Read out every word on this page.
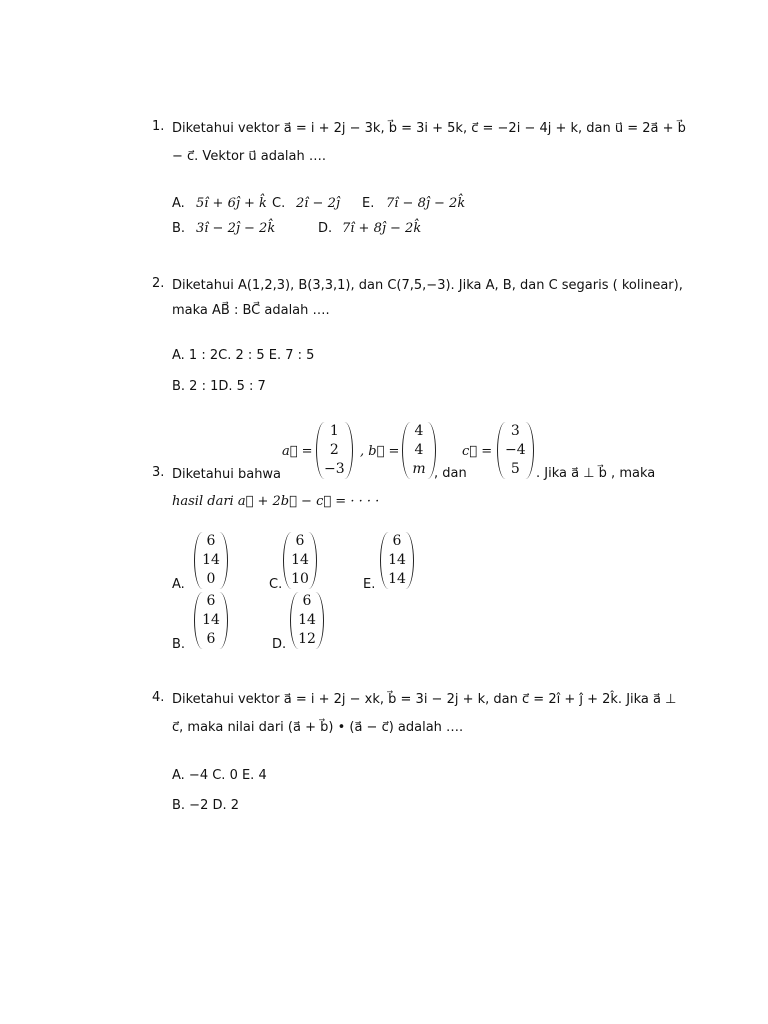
1. Diketahui vektor a⃗ = i + 2j − 3k, b⃗ = 3i + 5k, c⃗ = −2i − 4j + k, dan u⃗ = 2a⃗ + b⃗
− c⃗. Vektor u⃗ adalah ….
A. 5î + 6ĵ + k̂ C. 2î − 2ĵ E. 7î − 8ĵ − 2k̂
B. 3î − 2ĵ − 2k̂	D. 7î + 8ĵ − 2k̂
2. Diketahui A(1,2,3), B(3,3,1), dan C(7,5,−3). Jika A, B, dan C segaris ( kolinear),
maka AB⃗ : BC⃗ adalah ….
A. 1 : 2C. 2 : 5 E. 7 : 5
B. 2 : 1D. 5 : 7
3. Diketahui bahwa
a⃗ =
1
2
−3
, b⃗ =
4
4
m , dan
c⃗ =
3
−4
5	. Jika a⃗ ⊥ b⃗ , maka
hasil dari a⃗ + 2b⃗ − c⃗ = · · · ·
A.
6
14
0	C.
6
14
10	E.
6
14
14
B.
6
14
6	D.
6
14
12
4. Diketahui vektor a⃗ = i + 2j − xk, b⃗ = 3i − 2j + k, dan c⃗ = 2î + ĵ + 2k̂. Jika a⃗ ⊥
c⃗, maka nilai dari (a⃗ + b⃗) • (a⃗ − c⃗) adalah ….
A. −4 C. 0 E. 4
B. −2 D. 2
